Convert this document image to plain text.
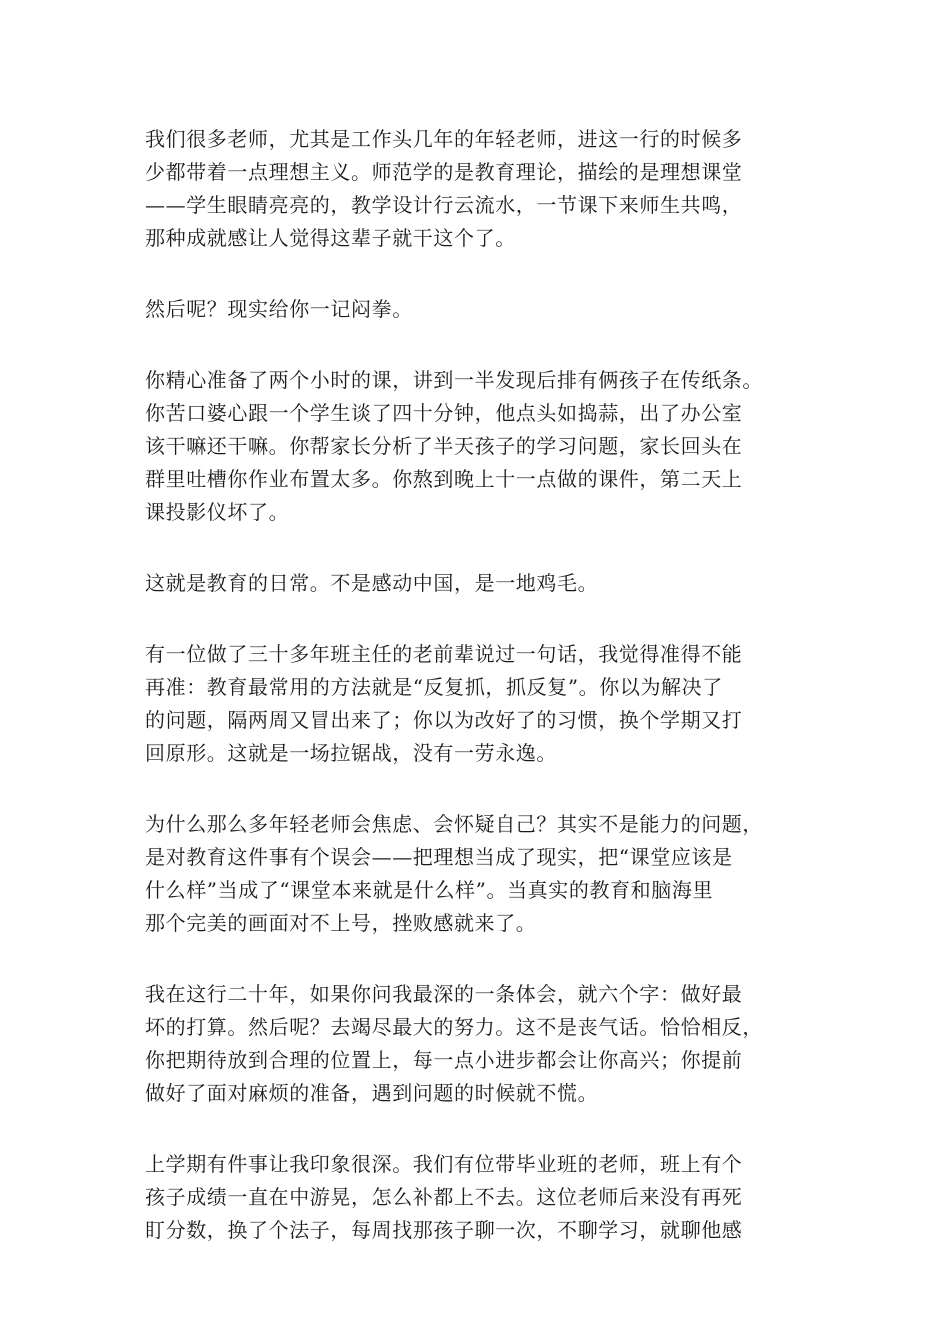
我们很多老师，尤其是工作头几年的年轻老师，进这一行的时候多
少都带着一点理想主义。师范学的是教育理论，描绘的是理想课堂
——学生眼睛亮亮的，教学设计行云流水，一节课下来师生共鸣，
那种成就感让人觉得这辈子就干这个了。

然后呢？现实给你一记闷拳。

你精心准备了两个小时的课，讲到一半发现后排有俩孩子在传纸条。
你苦口婆心跟一个学生谈了四十分钟，他点头如捣蒜，出了办公室
该干嘛还干嘛。你帮家长分析了半天孩子的学习问题，家长回头在
群里吐槽你作业布置太多。你熬到晚上十一点做的课件，第二天上
课投影仪坏了。

这就是教育的日常。不是感动中国，是一地鸡毛。

有一位做了三十多年班主任的老前辈说过一句话，我觉得准得不能
再准：教育最常用的方法就是“反复抓，抓反复”。你以为解决了
的问题，隔两周又冒出来了；你以为改好了的习惯，换个学期又打
回原形。这就是一场拉锯战，没有一劳永逸。

为什么那么多年轻老师会焦虑、会怀疑自己？其实不是能力的问题，
是对教育这件事有个误会——把理想当成了现实，把“课堂应该是
什么样”当成了“课堂本来就是什么样”。当真实的教育和脑海里
那个完美的画面对不上号，挫败感就来了。

我在这行二十年，如果你问我最深的一条体会，就六个字：做好最
坏的打算。然后呢？去竭尽最大的努力。这不是丧气话。恰恰相反，
你把期待放到合理的位置上，每一点小进步都会让你高兴；你提前
做好了面对麻烦的准备，遇到问题的时候就不慌。

上学期有件事让我印象很深。我们有位带毕业班的老师，班上有个
孩子成绩一直在中游晃，怎么补都上不去。这位老师后来没有再死
盯分数，换了个法子，每周找那孩子聊一次，不聊学习，就聊他感
